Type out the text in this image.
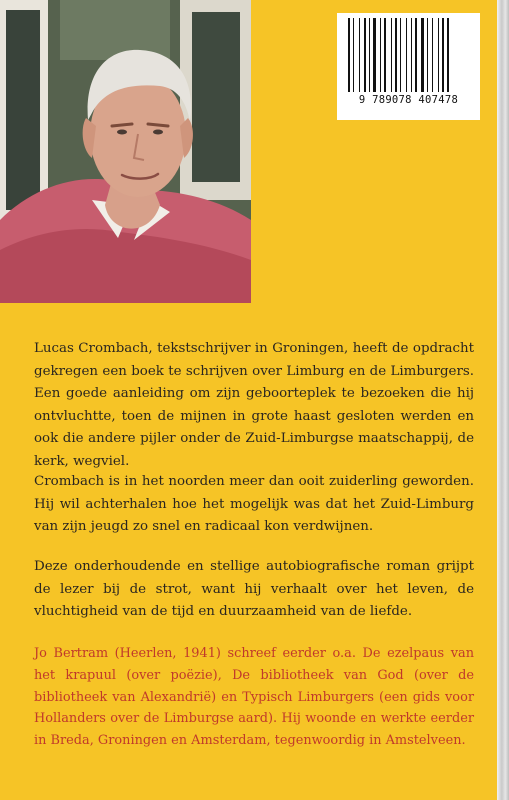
9 789078 407478

Lucas Crombach, tekstschrijver in Groningen, heeft de opdracht gekregen een boek te schrijven over Limburg en de Limburgers. Een goede aanleiding om zijn geboorteplek te bezoeken die hij ontvluchtte, toen de mijnen in grote haast gesloten werden en ook die andere pijler onder de Zuid-Limburgse maatschappij, de kerk, wegviel.

Crombach is in het noorden meer dan ooit zuiderling geworden. Hij wil achterhalen hoe het mogelijk was dat het Zuid-Limburg van zijn jeugd zo snel en radicaal kon verdwijnen.

Deze onderhoudende en stellige autobiografische roman grijpt de lezer bij de strot, want hij verhaalt over het leven, de vluchtigheid van de tijd en duurzaamheid van de liefde.

Jo Bertram (Heerlen, 1941) schreef eerder o.a. De ezelpaus van het krapuul (over poëzie), De bibliotheek van God (over de bibliotheek van Alexandrië) en Typisch Limburgers (een gids voor Hollanders over de Limburgse aard). Hij woonde en werkte eerder in Breda, Groningen en Amsterdam, tegenwoordig in Amstelveen.
